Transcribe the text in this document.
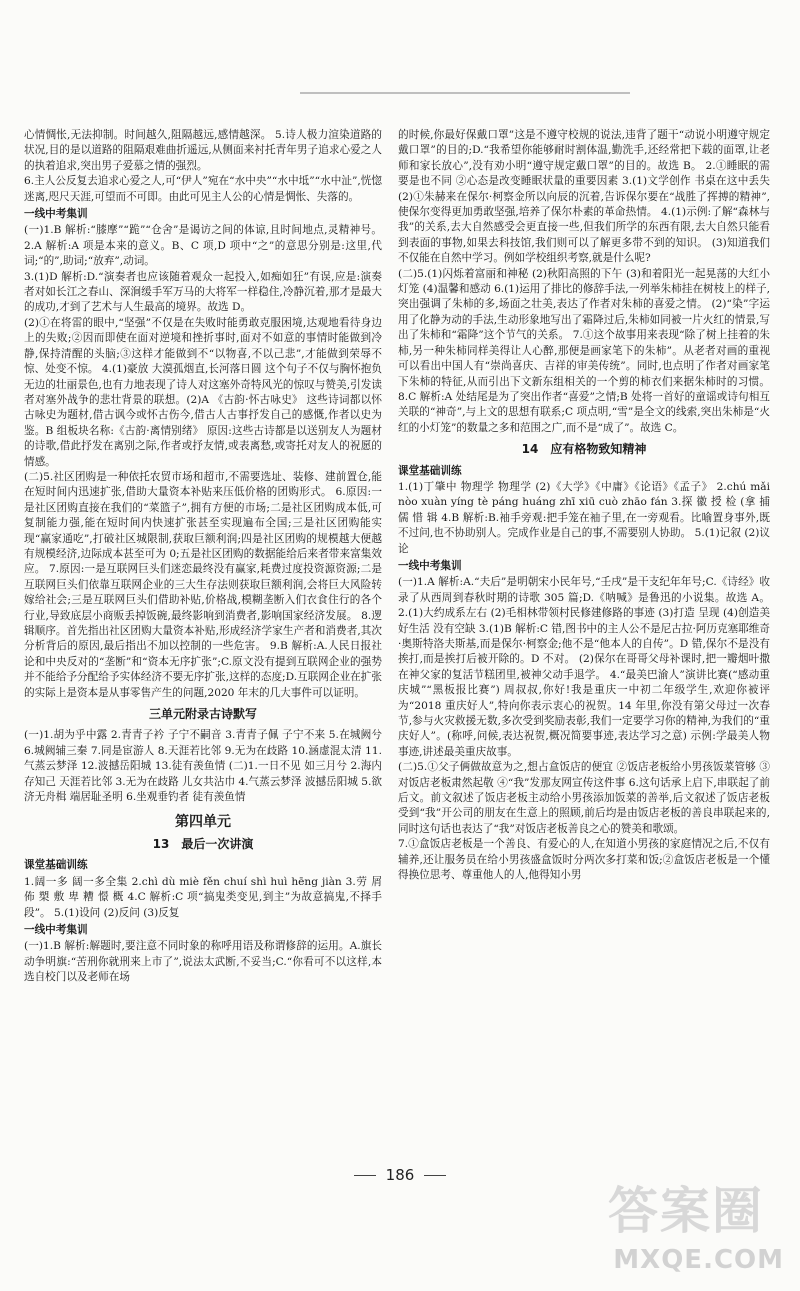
心情惆怅,无法抑制。时间越久,阻隔越远,感情越深。 5.诗人极力渲染道路的状况,目的是以道路的阻隔艰难曲折遥远,从侧面来衬托青年男子追求心爱之人的执着追求,突出男子爱慕之情的强烈。

6.主人公反复去追求心爱之人,可“伊人”宛在“水中央”“水中坻”“水中沚”,恍惚迷离,咫尺天涯,可望而不可即。由此可见主人公的心情是惆怅、失落的。

一线中考集训

(一)1.B 解析:“膝摩”“跪”“仓舍”是谒访之间的体谅,且时间地点,灵精神号。 2.A 解析:A 项是本来的意义。B、C 项,D 项中“之”的意思分别是:这里,代词;“的”,助词;“放弃”,动词。

3.(1)D 解析:D.“演奏者也应该随着观众一起投入,如痴如狂”有误,应是:演奏者对如长江之春山、深涧缓手军万马的大将军一样稳住,冷静沉着,那才是最大的成功,才到了艺术与人生最高的境界。故选 D。

(2)①在将雷的眼中,“坚强”不仅是在失败时能勇敢克服困境,达观地看待身边上的失败;②因而即使在面对逆境和挫折事时,面对不如意的事情时能做到冷静,保持清醒的头脑;③这样才能做到不“以物喜,不以己悲”,才能做到荣辱不惊、处变不惊。 4.(1)豪放 大漠孤烟直,长河落日圆 这个句子不仅与胸怀抱负无边的壮丽景色,也有力地表现了诗人对这塞外奇特风光的惊叹与赞美,引发读者对塞外战争的悲壮背景的联想。(2)A 《古韵·怀古咏史》 这些诗词都以怀古咏史为题材,借古讽今或怀古伤今,借古人古事抒发自己的感慨,作者以史为鉴。B 组板块名称:《古韵·离情别绪》 原因:这些古诗都是以送别友人为题材的诗歌,借此抒发在离别之际,作者或抒友情,或表离愁,或寄托对友人的祝愿的情感。

(二)5.社区团购是一种依托农贸市场和超市,不需要选址、装修、建前置仓,能在短时间内迅速扩张,借助大量资本补贴来压低价格的团购形式。 6.原因:一是社区团购直接在我们的“菜篮子”,拥有方便的市场;二是社区团购成本低,可复制能力强,能在短时间内快速扩张甚至实现遍布全国;三是社区团购能实现“赢家通吃”,打破社区城限制,获取巨额利润;四是社区团购的规模越大便越有规模经济,边际成本甚至可为 0;五是社区团购的数据能给后来者带来富集效应。 7.原因:一是互联网巨头们迷恋最终没有赢家,耗费过度投资源资源;二是互联网巨头们依靠互联网企业的三大生存法则获取巨额利润,会将巨大风险转嫁给社会;三是互联网巨头们借助补贴,价格战,模糊垄断入们衣食住行的各个行业,导致底层小商贩丢掉饭碗,最终影响到消费者,影响国家经济发展。 8.逻辑顺序。首先指出社区团购大量资本补贴,形成经济学家生产者和消费者,其次分析背后的原因,最后指出不加以控制的一些危害。 9.B 解析:A.人民日报社论和中央反对的“垄断”和“资本无序扩张”;C.原文没有提到互联网企业的强势并不能给予分配给予实体经济不要无序扩张,这样的态度;D.互联网企业在扩张的实际上是资本是从事零售产生的问题,2020 年末的几大事件可以证明。

三单元附录古诗默写

(一)1.胡为乎中露 2.青青子衿 子宁不嗣音 3.青青子佩 子宁不来 5.在城阙兮 6.城阙辅三秦 7.同是宦游人 8.天涯若比邻 9.无为在歧路 10.涵虚混太清 11.气蒸云梦泽 12.波撼岳阳城 13.徒有羡鱼情 (二)1.一日不见 如三月兮 2.海内存知己 天涯若比邻 3.无为在歧路 儿女共沾巾 4.气蒸云梦泽 波撼岳阳城 5.欲济无舟楫 端居耻圣明 6.坐观垂钓者 徒有羡鱼情

第四单元
13 最后一次讲演
课堂基础训练

1.阔一多 阔一多全集 2.chì dù miè fěn chuí shì huì hēng jiàn 3.劳 屑 佈 槊 敷 卑 糟 憬 概 4.C 解析:C 项“搞鬼类变见,到主”为故意搞鬼,不择手段”。 5.(1)设问 (2)反问 (3)反复

一线中考集训

(一)1.B 解析:解题时,要注意不同时象的称呼用语及称谓修辞的运用。A.旗长动争明旗:“苦刑你就刑来上市了”,说法太武断,不妥当;C.“你看可不以这样,本选自校门以及老师在场

的时候,你最好保戴口罩”这是不遵守校规的说法,违背了题干“动说小明遵守规定戴口罩”的目的;D.“我希望你能够耐时割体温,勤洗手,还经常把下载的面罩,让老师和家长放心”,没有劝小明“遵守规定戴口罩”的目的。故选 B。 2.①睡眠的需要是也不同 ②心态是改变睡眠状量的重要因素 3.(1)文学创作 书桌在这中丢失 (2)①朱赫来在保尔·柯察金所以向辰的沉着,告诉保尔要在“战胜了挥搏的精神”,使保尔变得更加勇敢坚强,培养了保尔朴素的革命热情。 4.(1)示例:了解“森林与我”的关系,去大自然感受会更直接一些,但我们所学的东西有限,去大自然只能看到表面的事物,如果去科技馆,我们则可以了解更多带不到的知识。 (3)知道我们不仅能在自然中学习。例如学校组织考察,就是什么呢?

(二)5.(1)闪烁着富丽和神秘 (2)秋阳高照的下午 (3)和着阳光一起晃荡的大红小灯笼 (4)温馨和感动 6.(1)运用了排比的修辞手法,一列举朱柿挂在树枝上的样子,突出强调了朱柿的多,场面之壮美,表达了作者对朱柿的喜爱之情。 (2)“染”字运用了化静为动的手法,生动形象地写出了霜降过后,朱柿如同被一片火红的情景,写出了朱柿和“霜降”这个节气的关系。 7.①这个故事用来表现“除了树上挂着的朱柿,另一种朱柿同样美得让人心醉,那便是画家笔下的朱柿”。从老者对画的重视可以看出中国人有“崇尚喜庆、吉祥的审美传统”。同时,也点明了作者对画家笔下朱柿的特征,从而引出下文新东组相关的一个剪的柿衣们来据朱柿时的习惯。 8.C 解析:A 处结尾是为了突出作者“喜爱”之情;B 处将一首好的童谣或诗句相互关联的“神奇”,与上文的思想有联系;C 项点明,“雪”是全文的线索,突出朱柿是“火红的小灯笼”的数量之多和范围之广,而不是“成了”。故选 C。

14 应有格物致知精神
课堂基础训练

1.(1)丁肇中 物理学 物理学 (2)《大学》《中庸》《论语》《孟子》 2.chú mǎi nòo xuàn yíng tè páng huáng zhī xiū cuò zhāo fán 3.探 徽 授 检 (拿 捕 儒 惜 辑 4.B 解析:B.袖手旁观:把手笼在袖子里,在一旁观看。比喻置身事外,既不过问,也不协助别人。完成作业是自己的事,不需要别人协助。 5.(1)记叙 (2)议论

一线中考集训

(一)1.A 解析:A.“夫后”是明朝宋小民年号,“壬戌”是干支纪年年号;C.《诗经》收录了从西周到春秋时期的诗歌 305 篇;D.《呐喊》是鲁迅的小说集。故选 A。 2.(1)大约成系左右 (2)毛相林带领村民修建修路的事迹 (3)打造 呈现 (4)创造美好生活 没有空缺 3.(1)B 解析:C 错,图书中的主人公不是尼古拉·阿历克塞耶维奇·奥斯特洛夫斯基,而是保尔·柯察金;他不是“他本人的自传”。D 错,保尔不是没有挨打,而是挨打后被开除的。D 不对。 (2)保尔在哥哥父母补课时,把一瓣烟叶撒在神父家的复活节糕团里,被神父动手退学。 4.“最美巴渝人”演讲比赛(“感动重庆城”“黑板报比赛”) 周叔叔,你好!我是重庆一中初二年级学生,欢迎你被评为“2018 重庆好人”,特向你表示衷心的祝贺。14 年里,你没有第父母过一次春节,参与火灾救援无数,多次受到奖励表彰,我们一定要学习你的精神,为我们的“重庆好人”。(称呼,问候,表达祝贺,概况简要事迹,表达学习之意) 示例:学最美人物事迹,讲述最美重庆故事。

(二)5.①父子俩做故意为之,想占盒饭店的便宜 ②饭店老板给小男孩饭菜管够 ③对饭店老板肃然起敬 ④“我”发那友网宣传这件事 6.这句话承上启下,串联起了前后文。前文叙述了饭店老板主动给小男孩添加饭菜的善举,后文叙述了饭店老板受到“我”开公司的朋友在生意上的照顾,前后均是由饭店老板的善良串联起来的,同时这句话也表达了“我”对饭店老板善良之心的赞美和歌颂。

7.①盒饭店老板是一个善良、有爱心的人,在知道小男孩的家庭情况之后,不仅有辅养,还让服务员在给小男孩盛盒饭时分两次多打菜和饭;②盒饭店老板是一个懂得换位思考、尊重他人的人,他得知小男

186
答案圈
MXQE.COM
